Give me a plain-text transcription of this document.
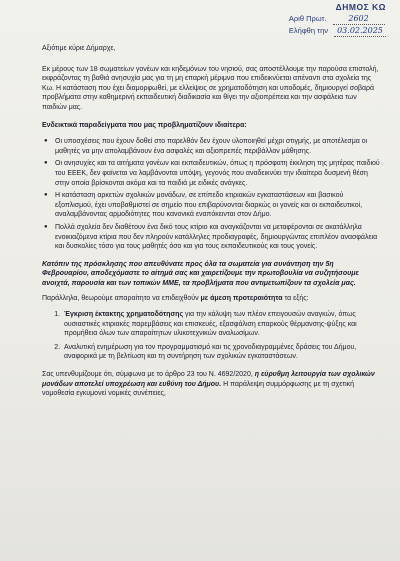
ΔΗΜΟΣ ΚΩ
Αριθ Πρωτ.	2602
Ελήφθη την	03.02.2025

Αξιότιμε κύριε Δήμαρχε,

Εκ μέρους των 18 σωματείων γονέων και κηδεμόνων του νησιού, σας αποστέλλουμε την παρούσα επιστολή, εκφράζοντας τη βαθιά ανησυχία μας για τη μη επαρκή μέριμνα που επιδεικνύεται απέναντι στα σχολεία της Κω. Η κατάσταση που έχει διαμορφωθεί, με ελλείψεις σε χρηματοδότηση και υποδομές, δημιουργεί σοβαρά προβλήματα στην καθημερινή εκπαιδευτική διαδικασία και θίγει την αξιοπρέπεια και την ασφάλεια των παιδιών μας.

Ενδεικτικά παραδείγματα που μας προβληματίζουν ιδιαίτερα:

● Οι υποσχέσεις που έχουν δοθεί στο παρελθόν δεν έχουν υλοποιηθεί μέχρι στιγμής, με αποτέλεσμα οι μαθητές να μην απολαμβάνουν ένα ασφαλές και αξιοπρεπές περιβάλλον μάθησης.
● Οι ανησυχίες και τα αιτήματα γονέων και εκπαιδευτικών, όπως η πρόσφατη έκκληση της μητέρας παιδιού του ΕΕΕΚ, δεν φαίνεται να λαμβάνονται υπόψη, γεγονός που αναδεικνύει την ιδιαίτερα δυσμενή θέση στην οποία βρίσκονται ακόμα και τα παιδιά με ειδικές ανάγκες.
● Η κατάσταση αρκετών σχολικών μονάδων, σε επίπεδο κτιριακών εγκαταστάσεων και βασικού εξοπλισμού, έχει υποβαθμιστεί σε σημείο που επιβαρύνονται διαρκώς οι γονείς και οι εκπαιδευτικοί, αναλαμβάνοντας αρμοδιότητες που κανονικά εναπόκεινται στον Δήμο.
● Πολλά σχολεία δεν διαθέτουν ένα δικό τους κτίριο και αναγκάζονται να μεταφέρονται σε ακατάλληλα ενοικιαζόμενα κτίρια που δεν πληρούν κατάλληλες προδιαγραφές, δημιουργώντας επιπλέον ανασφάλεια και δυσκολίες τόσο για τους μαθητές όσο και για τους εκπαιδευτικούς και τους γονείς.

Κατόπιν της πρόσκλησης που απευθύνατε προς όλα τα σωματεία για συνάντηση την 5η Φεβρουαρίου, αποδεχόμαστε το αίτημά σας και χαιρετίζουμε την πρωτοβουλία να συζητήσουμε ανοιχτά, παρουσία και των τοπικών ΜΜΕ, τα προβλήματα που αντιμετωπίζουν τα σχολεία μας.

Παράλληλα, θεωρούμε απαραίτητο να επιδειχθούν με άμεση προτεραιότητα τα εξής:

1. Έγκριση έκτακτης χρηματοδότησης για την κάλυψη των πλέον επειγουσών αναγκών, όπως ουσιαστικές κτιριακές παρεμβάσεις και επισκευές, εξασφάλιση επαρκούς θέρμανσης-ψύξης και προμήθεια όλων των απαραίτητων υλικοτεχνικών αναλωσίμων.
2. Αναλυτική ενημέρωση για τον προγραμματισμό και τις χρονοδιαγραμμένες δράσεις του Δήμου, αναφορικά με τη βελτίωση και τη συντήρηση των σχολικών εγκαταστάσεων.

Σας υπενθυμίζουμε ότι, σύμφωνα με το άρθρο 23 του Ν. 4692/2020, η εύρυθμη λειτουργία των σχολικών μονάδων αποτελεί υποχρέωση και ευθύνη του Δήμου. Η παράλειψη συμμόρφωσης με τη σχετική νομοθεσία εγκυμονεί νομικές συνέπειες,
